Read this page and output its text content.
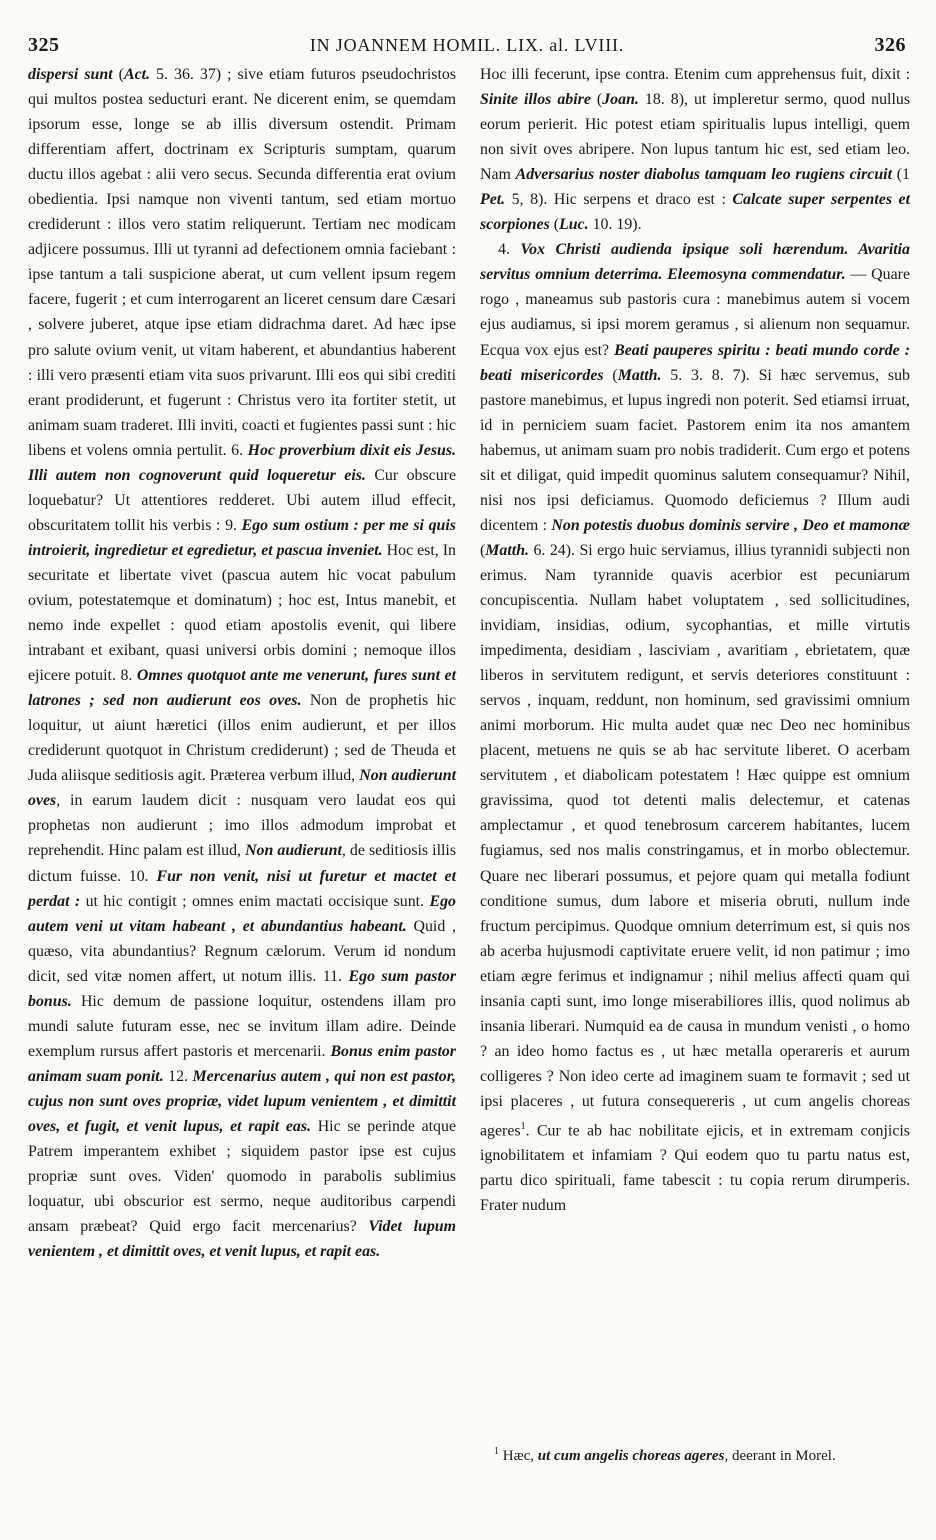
325	IN JOANNEM HOMIL. LIX. al. LVIII.	326

dispersi sunt (Act. 5. 36. 37) ; sive etiam futuros pseudochristos qui multos postea seducturi erant. Ne dicerent enim, se quemdam ipsorum esse, longe se ab illis diversum ostendit. Primam differentiam affert, doctrinam ex Scripturis sumptam, quarum ductu illos agebat : alii vero secus. Secunda differentia erat ovium obedientia. Ipsi namque non viventi tantum, sed etiam mortuo crediderunt : illos vero statim reliquerunt. Tertiam nec modicam adjicere possumus. Illi ut tyranni ad defectionem omnia faciebant : ipse tantum a tali suspicione aberat, ut cum vellent ipsum regem facere, fugerit ; et cum interrogarent an liceret censum dare Cæsari , solvere juberet, atque ipse etiam didrachma daret. Ad hæc ipse pro salute ovium venit, ut vitam haberent, et abundantius haberent : illi vero præsenti etiam vita suos privarunt. Illi eos qui sibi crediti erant prodiderunt, et fugerunt : Christus vero ita fortiter stetit, ut animam suam traderet. Illi inviti, coacti et fugientes passi sunt : hic libens et volens omnia pertulit. 6. Hoc proverbium dixit eis Jesus. Illi autem non cognoverunt quid loqueretur eis. Cur obscure loquebatur? Ut attentiores redderet. Ubi autem illud effecit, obscuritatem tollit his verbis : 9. Ego sum ostium : per me si quis introierit, ingredietur et egredietur, et pascua inveniet. Hoc est, In securitate et libertate vivet (pascua autem hic vocat pabulum ovium, potestatemque et dominatum) ; hoc est, Intus manebit, et nemo inde expellet : quod etiam apostolis evenit, qui libere intrabant et exibant, quasi universi orbis domini ; nemoque illos ejicere potuit. 8. Omnes quotquot ante me venerunt, fures sunt et latrones ; sed non audierunt eos oves. Non de prophetis hic loquitur, ut aiunt hæretici (illos enim audierunt, et per illos crediderunt quotquot in Christum crediderunt) ; sed de Theuda et Juda aliisque seditiosis agit. Præterea verbum illud, Non audierunt oves, in earum laudem dicit : nusquam vero laudat eos qui prophetas non audierunt ; imo illos admodum improbat et reprehendit. Hinc palam est illud, Non audierunt, de seditiosis illis dictum fuisse. 10. Fur non venit, nisi ut furetur et mactet et perdat : ut hic contigit ; omnes enim mactati occisique sunt. Ego autem veni ut vitam habeant , et abundantius habeant. Quid , quæso, vita abundantius? Regnum cælorum. Verum id nondum dicit, sed vitæ nomen affert, ut notum illis. 11. Ego sum pastor bonus. Hic demum de passione loquitur, ostendens illam pro mundi salute futuram esse, nec se invitum illam adire. Deinde exemplum rursus affert pastoris et mercenarii. Bonus enim pastor animam suam ponit. 12. Mercenarius autem , qui non est pastor, cujus non sunt oves propriæ, videt lupum venientem , et dimittit oves, et fugit, et venit lupus, et rapit eas. Hic se perinde atque Patrem imperantem exhibet ; siquidem pastor ipse est cujus propriæ sunt oves. Viden' quomodo in parabolis sublimius loquatur, ubi obscurior est sermo, neque auditoribus carpendi ansam præbeat? Quid ergo facit mercenarius? Videt lupum venientem , et dimittit oves, et venit lupus, et rapit eas.

Hoc illi fecerunt, ipse contra. Etenim cum apprehensus fuit, dixit : Sinite illos abire (Joan. 18. 8), ut impleretur sermo, quod nullus eorum perierit. Hic potest etiam spiritualis lupus intelligi, quem non sivit oves abripere. Non lupus tantum hic est, sed etiam leo. Nam Adversarius noster diabolus tamquam leo rugiens circuit (1 Pet. 5, 8). Hic serpens et draco est : Calcate super serpentes et scorpiones (Luc. 10. 19).

4. Vox Christi audienda ipsique soli hærendum. Avaritia servitus omnium deterrima. Eleemosyna commendatur. — Quare rogo , maneamus sub pastoris cura : manebimus autem si vocem ejus audiamus, si ipsi morem geramus , si alienum non sequamur. Ecqua vox ejus est? Beati pauperes spiritu : beati mundo corde : beati misericordes (Matth. 5. 3. 8. 7). Si hæc servemus, sub pastore manebimus, et lupus ingredi non poterit. Sed etiamsi irruat, id in perniciem suam faciet. Pastorem enim ita nos amantem habemus, ut animam suam pro nobis tradiderit. Cum ergo et potens sit et diligat, quid impedit quominus salutem consequamur? Nihil, nisi nos ipsi deficiamus. Quomodo deficiemus ? Illum audi dicentem : Non potestis duobus dominis servire , Deo et mamonæ (Matth. 6. 24). Si ergo huic serviamus, illius tyrannidi subjecti non erimus. Nam tyrannide quavis acerbior est pecuniarum concupiscentia. Nullam habet voluptatem , sed sollicitudines, invidiam, insidias, odium, sycophantias, et mille virtutis impedimenta, desidiam , lasciviam , avaritiam , ebrietatem, quæ liberos in servitutem redigunt, et servis deteriores constituunt : servos , inquam, reddunt, non hominum, sed gravissimi omnium animi morborum. Hic multa audet quæ nec Deo nec hominibus placent, metuens ne quis se ab hac servitute liberet. O acerbam servitutem , et diabolicam potestatem ! Hæc quippe est omnium gravissima, quod tot detenti malis delectemur, et catenas amplectamur , et quod tenebrosum carcerem habitantes, lucem fugiamus, sed nos malis constringamus, et in morbo oblectemur. Quare nec liberari possumus, et pejore quam qui metalla fodiunt conditione sumus, dum labore et miseria obruti, nullum inde fructum percipimus. Quodque omnium deterrimum est, si quis nos ab acerba hujusmodi captivitate eruere velit, id non patimur ; imo etiam ægre ferimus et indignamur ; nihil melius affecti quam qui insania capti sunt, imo longe miserabiliores illis, quod nolimus ab insania liberari. Numquid ea de causa in mundum venisti , o homo ? an ideo homo factus es , ut hæc metalla operareris et aurum colligeres ? Non ideo certe ad imaginem suam te formavit ; sed ut ipsi placeres , ut futura consequereris , ut cum angelis choreas ageres$^1$. Cur te ab hac nobilitate ejicis, et in extremam conjicis ignobilitatem et infamiam ? Qui eodem quo tu partu natus est, partu dico spirituali, fame tabescit : tu copia rerum dirumperis. Frater nudum

$^1$ Hæc, ut cum angelis choreas ageres, deerant in Morel.
